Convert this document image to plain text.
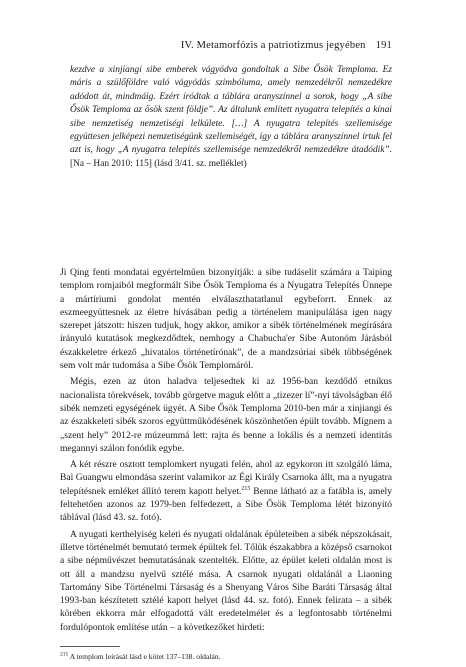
IV. Metamorfózis a patriotizmus jegyében 191
kezdve a xinjiangi sibe emberek vágyódva gondoltak a Sibe Ősök Temploma. Ez máris a szülőföldre való vágyódás szimbóluma, amely nemzedékről nemzedékre adódott át, mindmáig. Ezért íródtak a táblára aranyszínnel a sorok, hogy „A sibe Ősök Temploma az ősök szent földje”. Az általunk említett nyugatra telepítés a kínai sibe nemzetiség nemzetiségi lelkülete. […] A nyugatra telepítés szellemisége együttesen jelképezi nemzetiségünk szellemiségét, így a táblára aranyszínnel írtuk fel azt is, hogy „A nyugatra telepítés szellemisége nemzedékről nemzedékre átadódik”. [Na – Han 2010: 115] (lásd 3/41. sz. melléklet)

Ji Qing fenti mondatai egyértelműen bizonyítják: a sibe tudáselit számára a Taiping templom romjaiból megformált Sibe Ősök Temploma és a Nyugatra Telepítés Ünnepe a mártíriumi gondolat mentén elválaszthatatlanul egybeforrt. Ennek az eszmeegyüttesnek az életre hívásában pedig a történelem manipulálása igen nagy szerepet játszott: hiszen tudjuk, hogy akkor, amikor a sibék történelmének megírására irányuló kutatások megkezdődtek, nemhogy a Chabucha'er Sibe Autonóm Járásból északkeletre érkező „hivatalos történetírónak”, de a mandzsúriai sibék többségének sem volt már tudomása a Sibe Ősök Templomáról.

Mégis, ezen az úton haladva teljesedtek ki az 1956-ban kezdődő etnikus nacionalista törekvések, tovább görgetve maguk előtt a „tizezer lí”-nyi távolságban élő sibék nemzeti egységének ügyét. A Sibe Ősök Temploma 2010-ben már a xinjiangi és az északkeleti sibék szoros együttműködésének köszönhetően épült tovább. Mígnem a „szent hely” 2012-re múzeummá lett: rajta és benne a lokális és a nemzeti identitás megannyi szálon fonódik egybe.

A két részre osztott templomkert nyugati felén, ahol az egykoron itt szolgáló láma, Bai Guangwu elmondása szerint valamikor az Égi Király Csarnoka állt, ma a nyugatra telepítésnek emléket állító terem kapott helyet.$^{215}$ Benne látható az a fatábla is, amely feltehetően azonos az 1979-ben felfedezett, a Sibe Ősök Temploma létét bizonyító táblával (lásd 43. sz. fotó).

A nyugati kerthelyiség keleti és nyugati oldalának épületeiben a sibék népszokásait, illetve történelmét bemutató termek épültek fel. Tőlük északabbra a középső csarnokot a sibe népművészet bemutatásának szentelték. Előtte, az épület keleti oldalán most is ott áll a mandzsu nyelvű sztélé mása. A csarnok nyugati oldalánál a Liaoning Tartomány Sibe Történelmi Társaság és a Shenyang Város Sibe Baráti Társaság által 1993-ban készítetett sztélé kapott helyet (lásd 44. sz. fotó). Ennek felirata – a sibék körében ekkorra már elfogadottá vált eredetelmélet és a legfontosabb történelmi fordulópontok említése után – a következőket hirdeti:

$^{215}$ A templom leírását lásd e kötet 137–138. oldalán.
